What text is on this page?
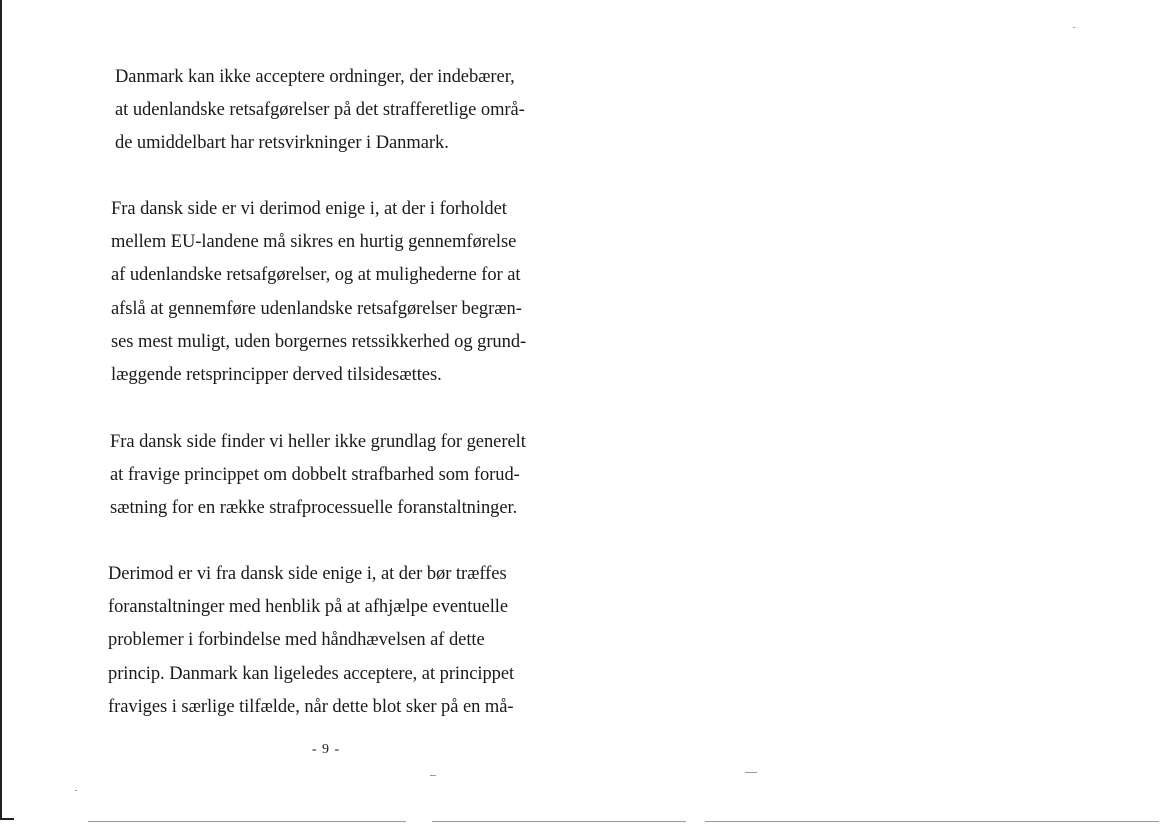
Danmark kan ikke acceptere ordninger, der indebærer,
at udenlandske retsafgørelser på det strafferetlige områ-
de umiddelbart har retsvirkninger i Danmark.

Fra dansk side er vi derimod enige i, at der i forholdet
mellem EU-landene må sikres en hurtig gennemførelse
af udenlandske retsafgørelser, og at mulighederne for at
afslå at gennemføre udenlandske retsafgørelser begræn-
ses mest muligt, uden borgernes retssikkerhed og grund-
læggende retsprincipper derved tilsidesættes.

Fra dansk side finder vi heller ikke grundlag for generelt
at fravige princippet om dobbelt strafbarhed som forud-
sætning for en række strafprocessuelle foranstaltninger.

Derimod er vi fra dansk side enige i, at der bør træffes
foranstaltninger med henblik på at afhjælpe eventuelle
problemer i forbindelse med håndhævelsen af dette
princip. Danmark kan ligeledes acceptere, at princippet
fraviges i særlige tilfælde, når dette blot sker på en må-

- 9 -
